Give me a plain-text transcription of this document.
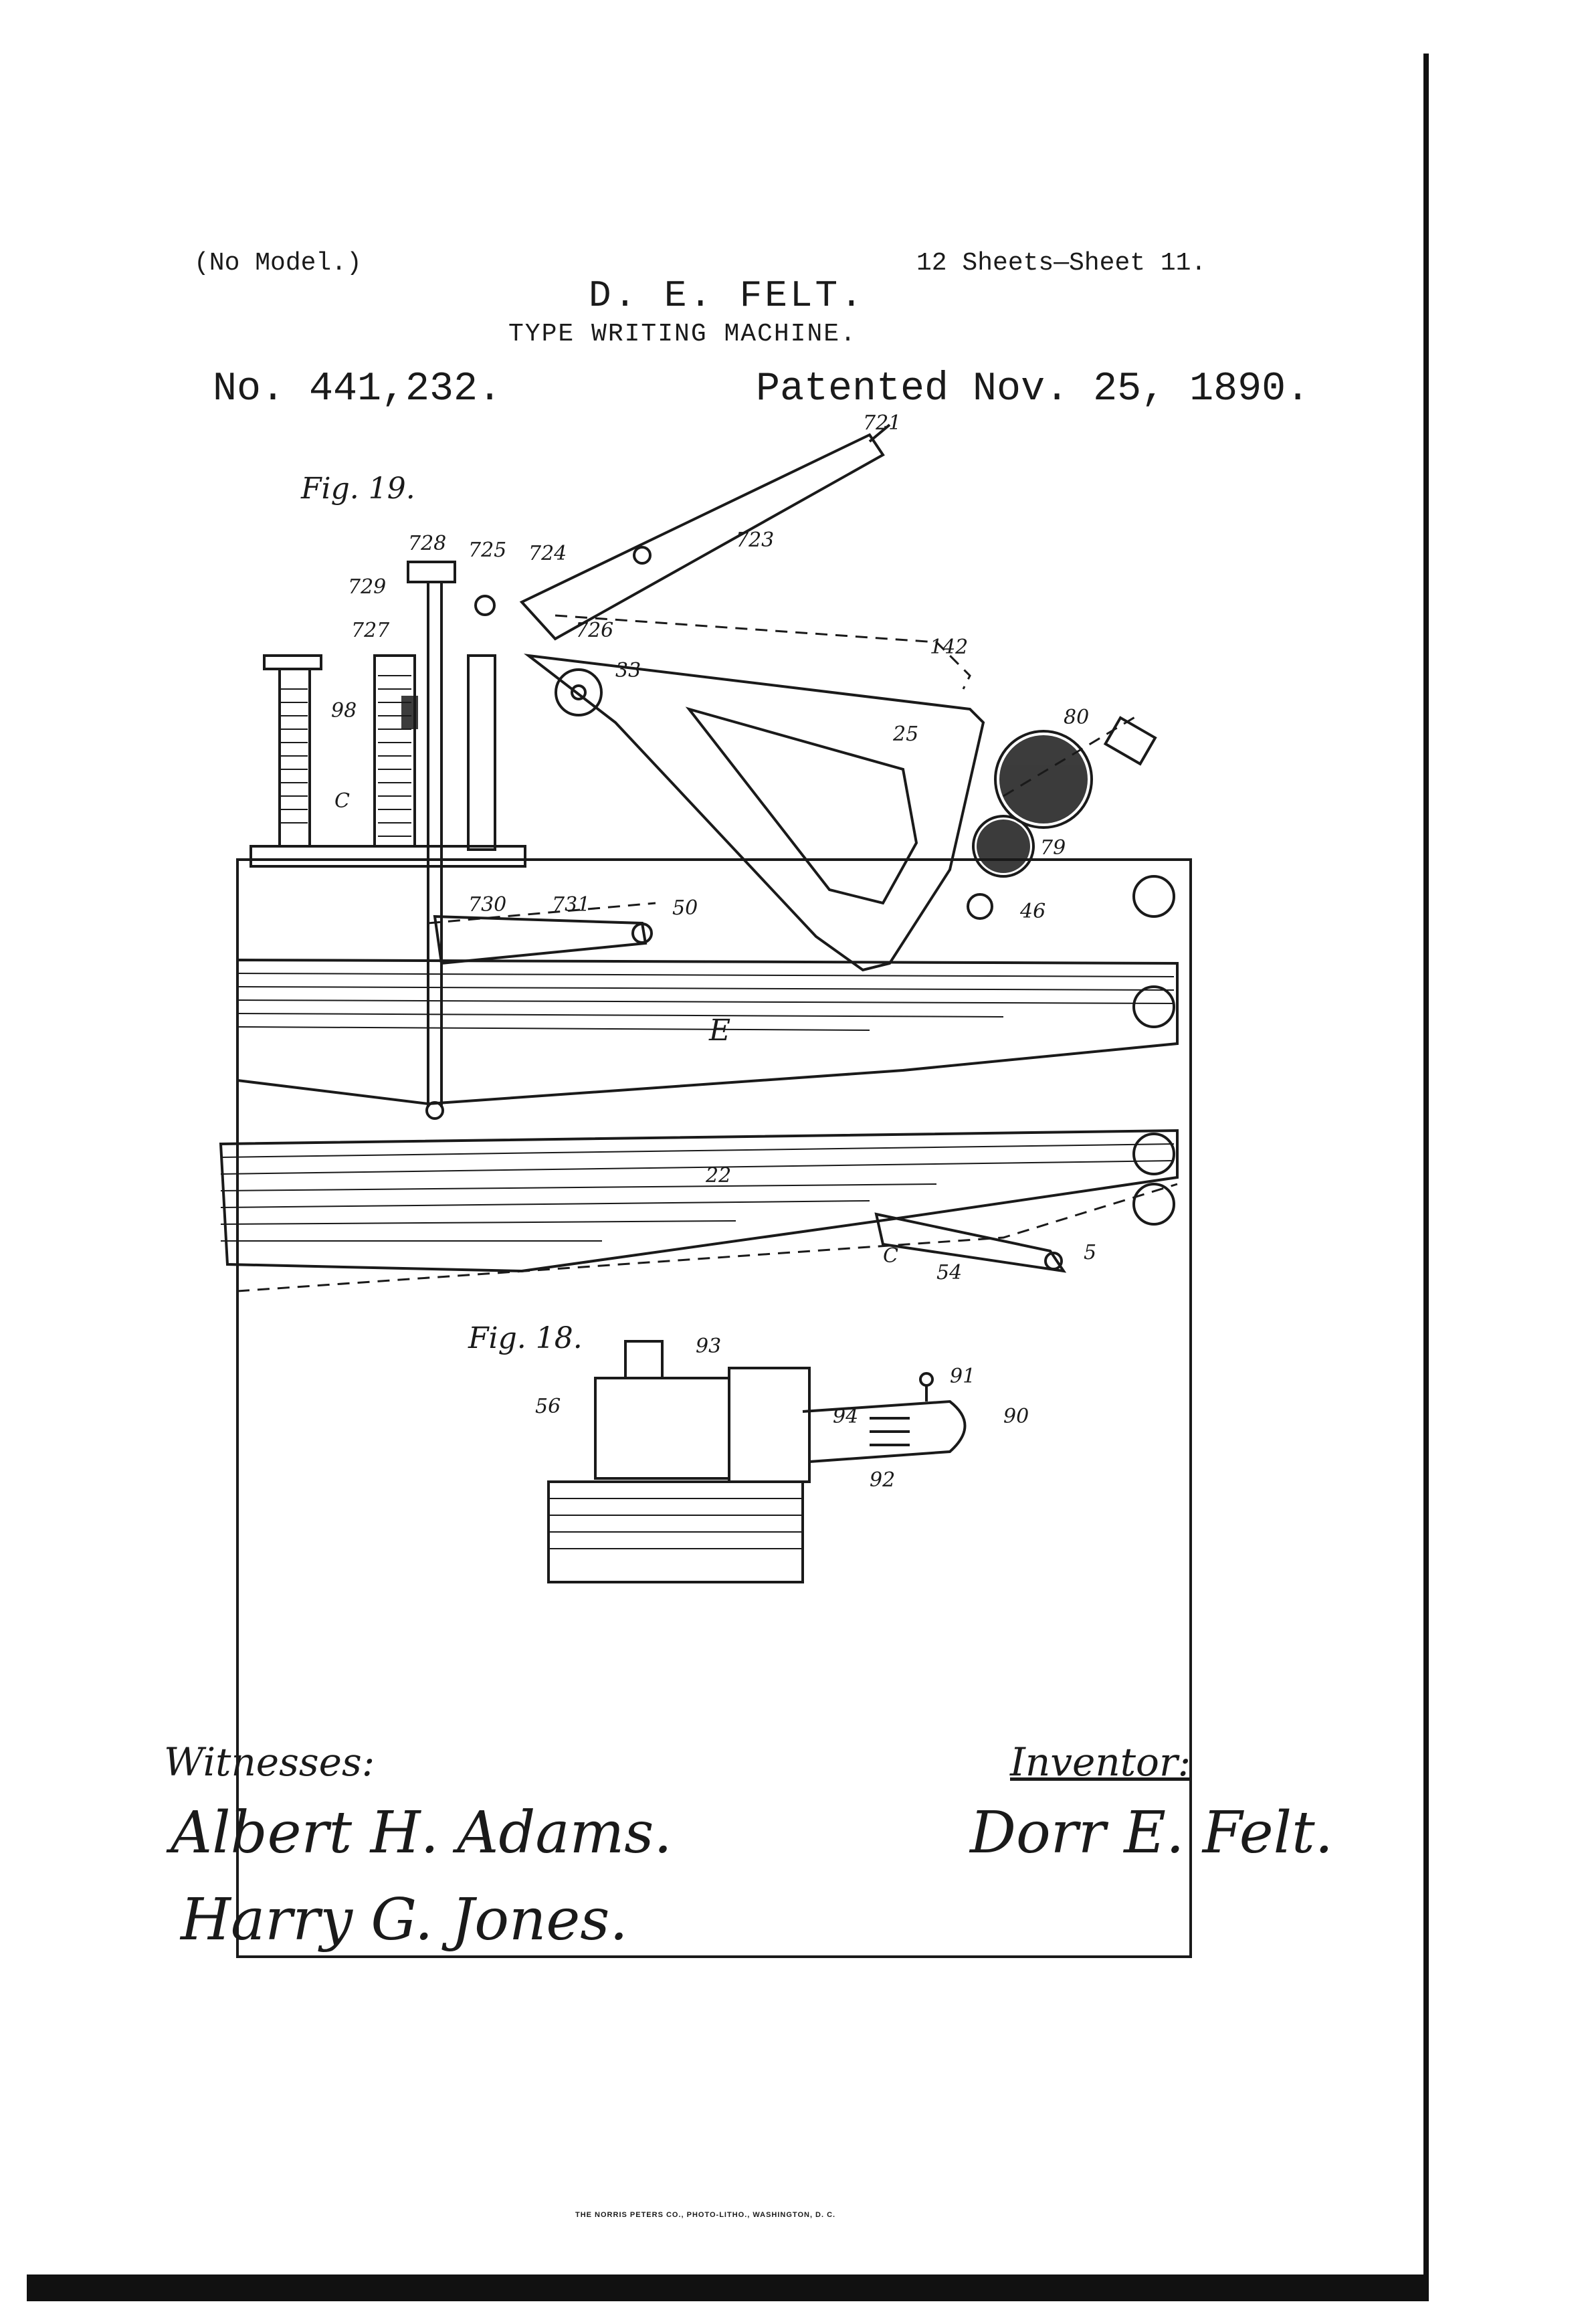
(No Model.)	12 Sheets—Sheet 11.
D. E. FELT.
TYPE WRITING MACHINE.
No. 441,232.	Patented Nov. 25, 1890.
Fig. 19.
Fig. 18.
721
723
728 725 724
729
727	726
33
98
C
142
80
25
79
46
730 731	50
E
22
54
5
C
93
91
56	90
94
92
Witnesses:
Albert H. Adams.
Harry G. Jones.
Inventor:
Dorr E. Felt.
THE NORRIS PETERS CO., PHOTO-LITHO., WASHINGTON, D. C.
